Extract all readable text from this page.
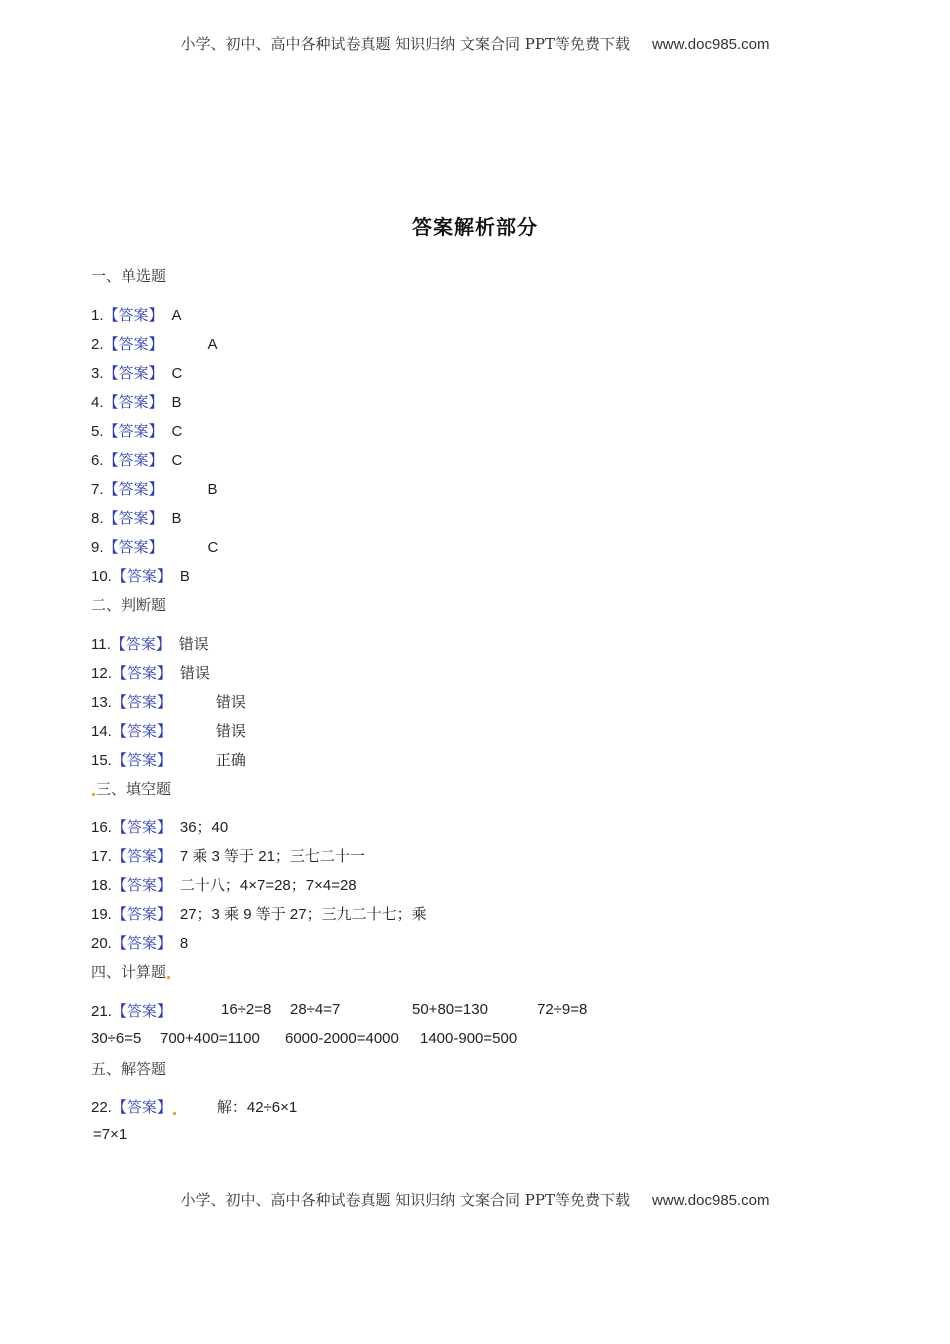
小学、初中、高中各种试卷真题 知识归纳 文案合同 PPT等免费下载 www.doc985.com
答案解析部分
一、单选题
1.【答案】 A
2.【答案】	A
3.【答案】 C
4.【答案】 B
5.【答案】 C
6.【答案】 C
7.【答案】	B
8.【答案】 B
9.【答案】	C
10.【答案】 B
二、判断题
11.【答案】 错误
12.【答案】 错误
13.【答案】	错误
14.【答案】	错误
15.【答案】	正确
三、填空题
16.【答案】 36；40
17.【答案】 7 乘 3 等于 21；三七二十一
18.【答案】 二十八；4×7=28；7×4=28
19.【答案】 27；3 乘 9 等于 27；三九二十七；乘
20.【答案】 8
四、计算题
21.【答案】	16÷2=8 28÷4=7	50+80=130	72÷9=8
30÷6=5 700+400=1100 6000-2000=4000 1400-900=500
五、解答题
22.【答案】	解：42÷6×1
=7×1
小学、初中、高中各种试卷真题 知识归纳 文案合同 PPT等免费下载 www.doc985.com
